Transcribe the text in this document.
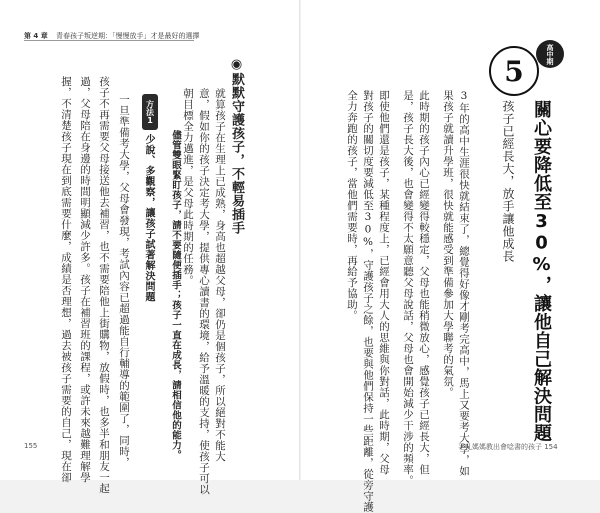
第 4 章 青春孩子叛逆期：「慢慢放手」才是最好的選擇
5
高中期
關心要降低至30%，讓他自己解決問題
孩子已經長大，放手讓他成長
3年的高中生涯很快就結束了，總覺得好像才剛考完高中，馬上又要考大學，如
果孩子就讀升學班，很快就能感受到準備參加大學聯考的氣氛。
此時期的孩子內心已經變得較穩定，父母也能稍微放心，感覺孩子已經長大，但
是，孩子長大後，也會變得不太願意聽父母說話，父母也會開始減少干涉的頻率。
即使他們還是孩子，某種程度上，已經會用大人的思維與你對話，此時期，父母
對孩子的關切度要減低至30%，守護孩子之餘，也要與他們保持一些距離，從旁守護
全力奔跑的孩子，當他們需要時，再給予協助。
平凡媽媽教出會唸書的孩子 154
◉默默守護孩子，不輕易插手
就算孩子在生理上已成熟，身高也超越父母，卻仍是個孩子，所以絕對不能大
意，假如你的孩子決定考大學，提供專心讀書的環境，給予溫暖的支持，使孩子可以
朝目標全力邁進，是父母此時期的任務。
儘管雙眼緊盯孩子，請不要隨便插手；孩子一直在成長，請相信他的能力。
方法1
少說、多觀察，讓孩子試著解決問題
一旦準備考大學，父母會發現，考試內容已超過能自行輔導的範圍了，同時，
孩子不再需要父母接送他去補習，也不需要陪他上街購物，放假時，也多半和朋友一起
過，父母陪在身邊的時間明顯減少許多。孩子在補習班的課程，或許未來越難理解學
握，不清楚孩子現在到底需要什麼，成績是否理想，過去被孩子需要的自己，現在卻
155
